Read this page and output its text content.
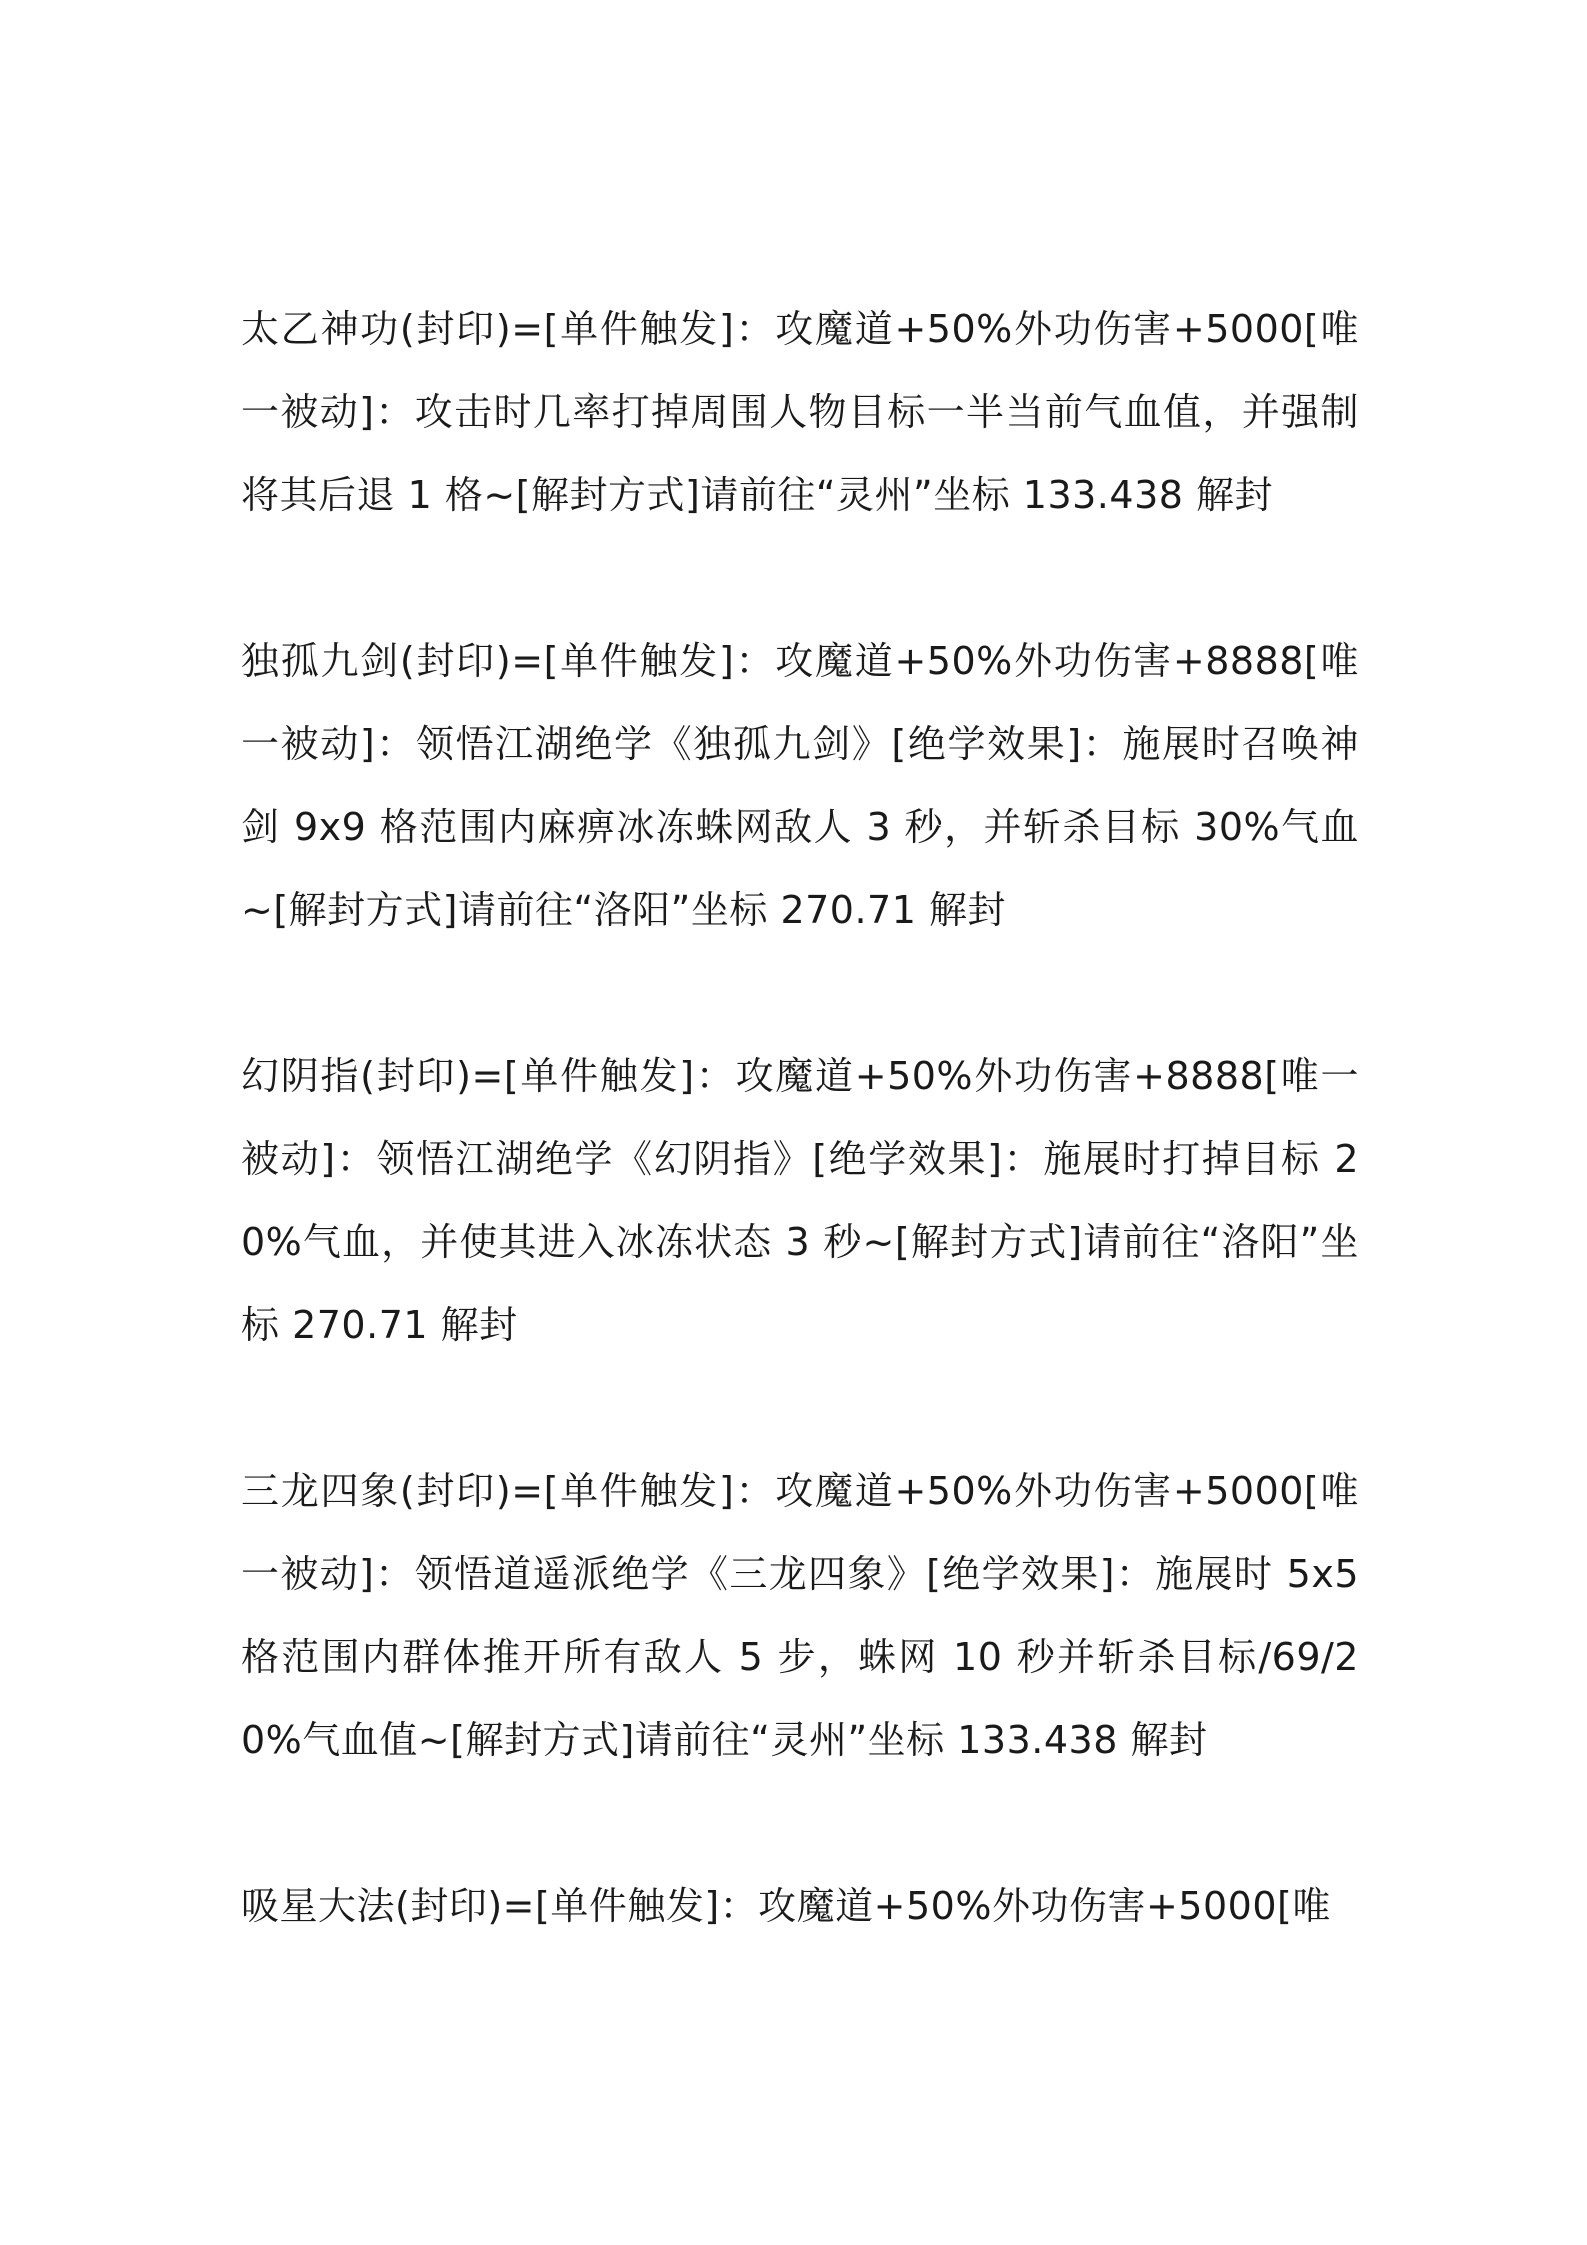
太乙神功(封印)=[单件触发]：攻魔道+50%外功伤害+5000[唯一被动]：攻击时几率打掉周围人物目标一半当前气血值，并强制将其后退 1 格~[解封方式]请前往“灵州”坐标 133.438 解封

独孤九剑(封印)=[单件触发]：攻魔道+50%外功伤害+8888[唯一被动]：领悟江湖绝学《独孤九剑》[绝学效果]：施展时召唤神剑 9x9 格范围内麻痹冰冻蛛网敌人 3 秒，并斩杀目标 30%气血~[解封方式]请前往“洛阳”坐标 270.71 解封

幻阴指(封印)=[单件触发]：攻魔道+50%外功伤害+8888[唯一被动]：领悟江湖绝学《幻阴指》[绝学效果]：施展时打掉目标 20%气血，并使其进入冰冻状态 3 秒~[解封方式]请前往“洛阳”坐标 270.71 解封

三龙四象(封印)=[单件触发]：攻魔道+50%外功伤害+5000[唯一被动]：领悟道遥派绝学《三龙四象》[绝学效果]：施展时 5x5 格范围内群体推开所有敌人 5 步，蛛网 10 秒并斩杀目标/69/20%气血值~[解封方式]请前往“灵州”坐标 133.438 解封

吸星大法(封印)=[单件触发]：攻魔道+50%外功伤害+5000[唯
